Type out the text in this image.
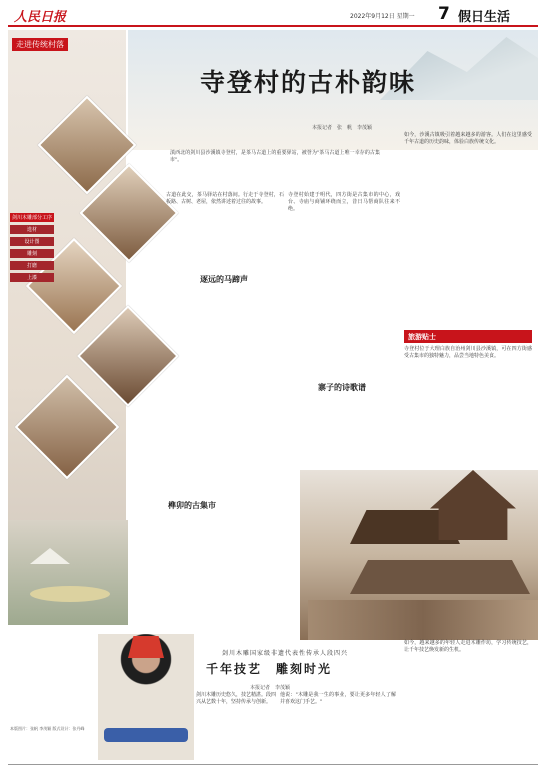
人民日报	2022年9月12日 星期一 7 假日生活
走进传统村落
剑川木雕部分工序
选材
设计图
雕刻
打磨
上漆
寺登村的古朴韵味
本报记者　张　帆　李茂颖
滇西北的剑川县沙溪镇寺登村，是茶马古道上的重要驿站，被誉为"茶马古道上唯一幸存的古集市"。
古道在此交，茶马驿站在村落间。行走于寺登村，石板路、古树、老屋，依然讲述着过往的故事。
逐远的马蹄声
寺登村始建于明代，四方街是古集市的中心，戏台、寺庙与商铺环绕而立，昔日马帮商队往来不绝。
寨子的诗歌谱
如今，沙溪古镇吸引着越来越多的游客。人们在这里感受千年古道的历史韵味，体验白族传统文化。
旅游贴士
寺登村位于大理白族自治州剑川县沙溪镇，可在四方街感受古集市的独特魅力，品尝当地特色美食。
榫卯的古集市
剑川木雕国家级非遗代表性传承人段四兴
千年技艺　雕刻时光
本报记者　李茂颖
本版图片：张帆 李茂颖 版式设计：张丹峰
剑川木雕历史悠久，技艺精湛。段四兴从艺数十年，坚持传承与创新。
他说："木雕是我一生的事业，要让更多年轻人了解并喜欢这门手艺。"
如今，越来越多的年轻人走进木雕作坊，学习传统技艺，让千年技艺焕发新的生机。
